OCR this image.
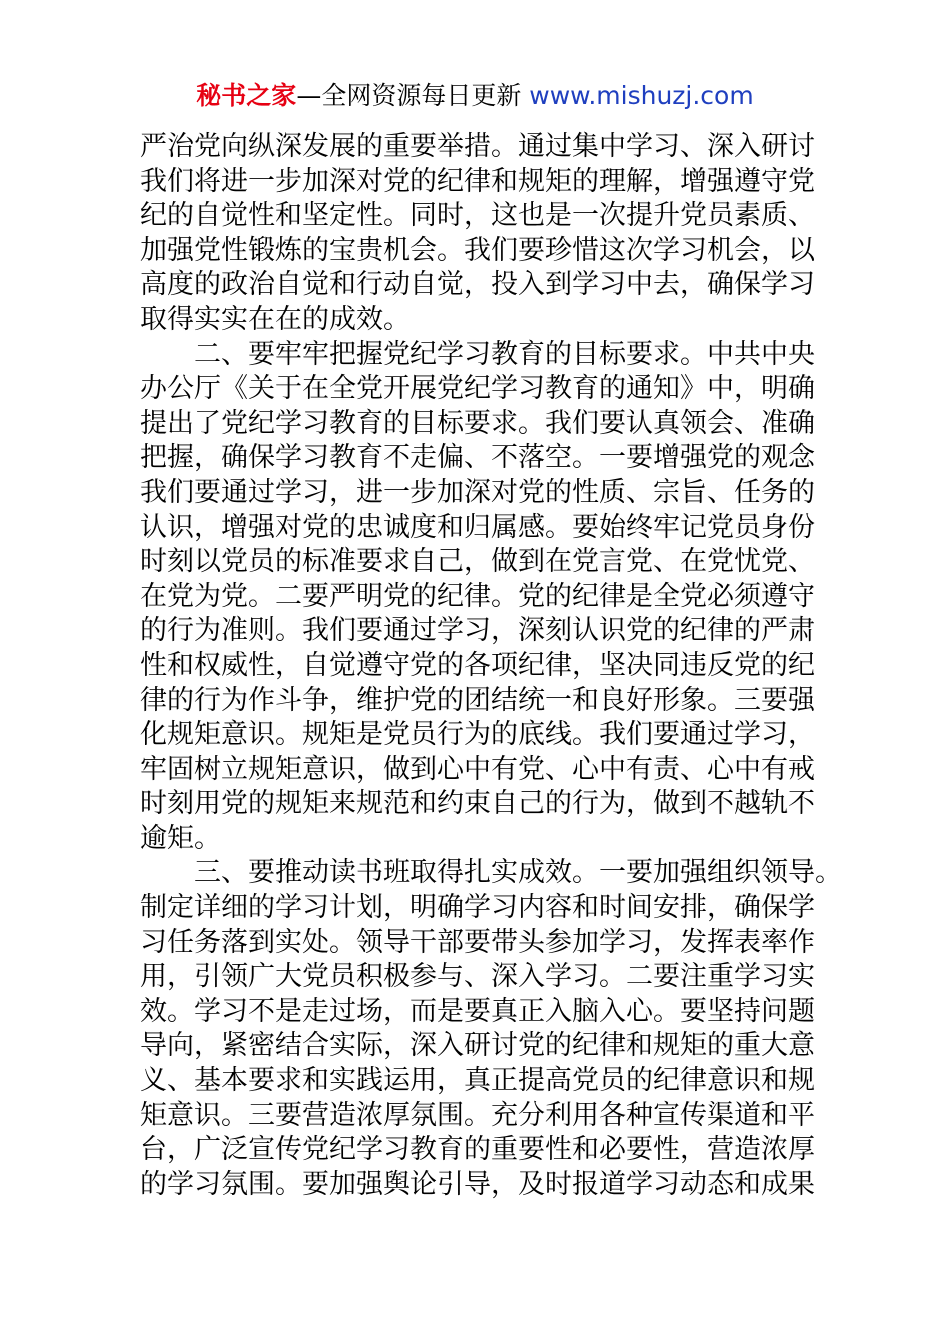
秘书之家—全网资源每日更新 www.mishuzj.com
严治党向纵深发展的重要举措。通过集中学习、深入研讨
我们将进一步加深对党的纪律和规矩的理解，增强遵守党
纪的自觉性和坚定性。同时，这也是一次提升党员素质、
加强党性锻炼的宝贵机会。我们要珍惜这次学习机会，以
高度的政治自觉和行动自觉，投入到学习中去，确保学习
取得实实在在的成效。
二、要牢牢把握党纪学习教育的目标要求。中共中央
办公厅《关于在全党开展党纪学习教育的通知》中，明确
提出了党纪学习教育的目标要求。我们要认真领会、准确
把握，确保学习教育不走偏、不落空。一要增强党的观念
我们要通过学习，进一步加深对党的性质、宗旨、任务的
认识，增强对党的忠诚度和归属感。要始终牢记党员身份
时刻以党员的标准要求自己，做到在党言党、在党忧党、
在党为党。二要严明党的纪律。党的纪律是全党必须遵守
的行为准则。我们要通过学习，深刻认识党的纪律的严肃
性和权威性，自觉遵守党的各项纪律，坚决同违反党的纪
律的行为作斗争，维护党的团结统一和良好形象。三要强
化规矩意识。规矩是党员行为的底线。我们要通过学习，
牢固树立规矩意识，做到心中有党、心中有责、心中有戒
时刻用党的规矩来规范和约束自己的行为，做到不越轨不
逾矩。
三、要推动读书班取得扎实成效。一要加强组织领导。
制定详细的学习计划，明确学习内容和时间安排，确保学
习任务落到实处。领导干部要带头参加学习，发挥表率作
用，引领广大党员积极参与、深入学习。二要注重学习实
效。学习不是走过场，而是要真正入脑入心。要坚持问题
导向，紧密结合实际，深入研讨党的纪律和规矩的重大意
义、基本要求和实践运用，真正提高党员的纪律意识和规
矩意识。三要营造浓厚氛围。充分利用各种宣传渠道和平
台，广泛宣传党纪学习教育的重要性和必要性，营造浓厚
的学习氛围。要加强舆论引导，及时报道学习动态和成果
